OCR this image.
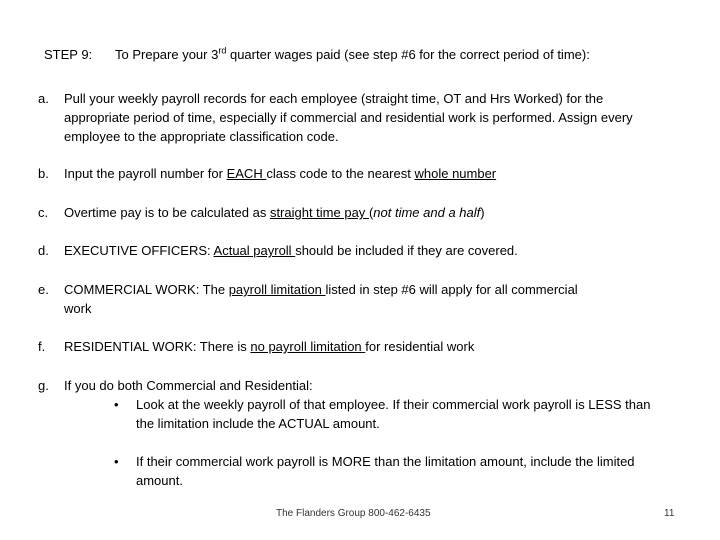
STEP 9: To Prepare your 3rd quarter wages paid (see step #6 for the correct period of time):
a. Pull your weekly payroll records for each employee (straight time, OT and Hrs Worked) for the appropriate period of time, especially if commercial and residential work is performed. Assign every employee to the appropriate classification code.
b. Input the payroll number for EACH class code to the nearest whole number
c. Overtime pay is to be calculated as straight time pay (not time and a half)
d. EXECUTIVE OFFICERS: Actual payroll should be included if they are covered.
e. COMMERCIAL WORK: The payroll limitation listed in step #6 will apply for all commercial work
f. RESIDENTIAL WORK: There is no payroll limitation for residential work
g. If you do both Commercial and Residential:
• Look at the weekly payroll of that employee. If their commercial work payroll is LESS than the limitation include the ACTUAL amount.
• If their commercial work payroll is MORE than the limitation amount, include the limited amount.
The Flanders Group 800-462-6435	11
